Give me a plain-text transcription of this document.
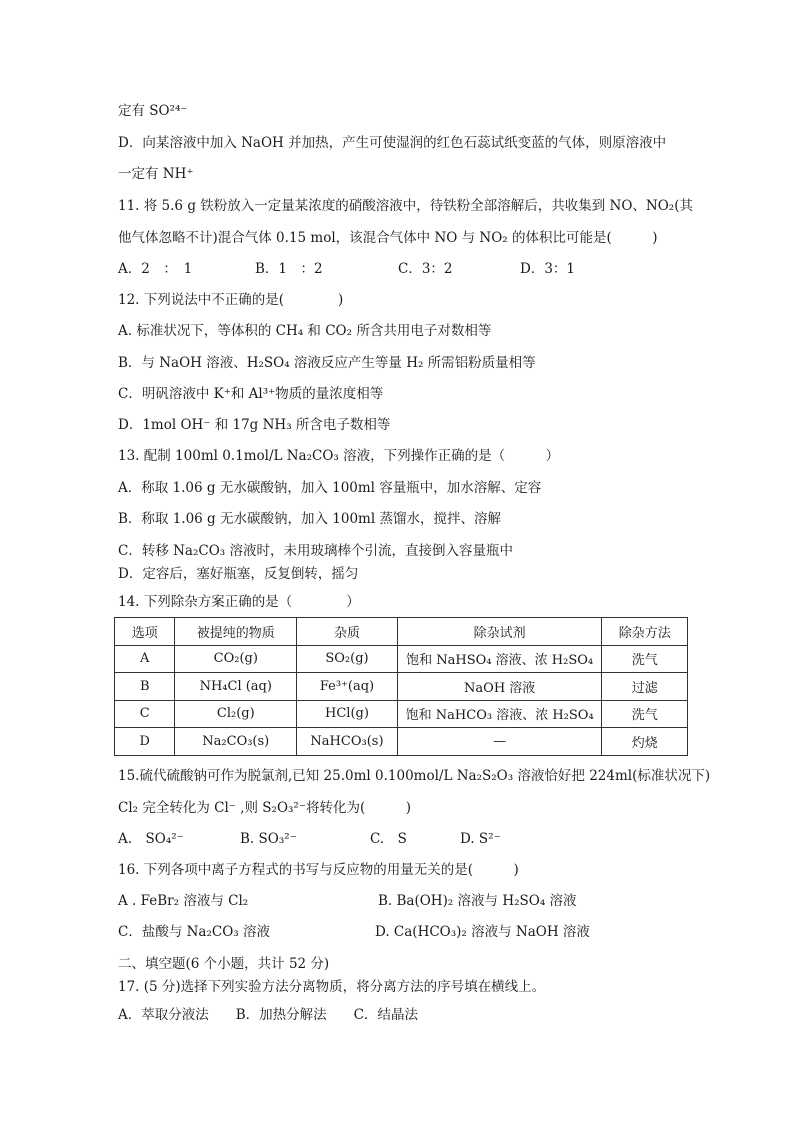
定有 SO²⁴⁻
D．向某溶液中加入 NaOH 并加热，产生可使湿润的红色石蕊试纸变蓝的气体，则原溶液中
一定有 NH⁺
11. 将 5.6 g 铁粉放入一定量某浓度的硝酸溶液中，待铁粉全部溶解后，共收集到 NO、NO₂(其
他气体忽略不计)混合气体 0.15 mol，该混合气体中 NO 与 NO₂ 的体积比可能是(　　　)
A．2　：　1	B．1　：2	C．3：2	D．3：1
12. 下列说法中不正确的是(　　　　)
A. 标准状况下，等体积的 CH₄ 和 CO₂ 所含共用电子对数相等
B．与 NaOH 溶液、H₂SO₄ 溶液反应产生等量 H₂ 所需铝粉质量相等
C．明矾溶液中 K⁺和 Al³⁺物质的量浓度相等
D．1mol OH⁻ 和 17g NH₃ 所含电子数相等
13. 配制 100ml 0.1mol/L Na₂CO₃ 溶液，下列操作正确的是（　　　）
A．称取 1.06 g 无水碳酸钠，加入 100ml 容量瓶中，加水溶解、定容
B．称取 1.06 g 无水碳酸钠，加入 100ml 蒸馏水，搅拌、溶解
C．转移 Na₂CO₃ 溶液时，未用玻璃棒个引流，直接倒入容量瓶中
D．定容后，塞好瓶塞，反复倒转，摇匀
14. 下列除杂方案正确的是（　　　　）
选项	被提纯的物质	杂质	除杂试剂	除杂方法
A	CO₂(g)	SO₂(g)	饱和 NaHSO₄ 溶液、浓 H₂SO₄	洗气
B	NH₄Cl (aq)	Fe³⁺(aq)	NaOH 溶液	过滤
C	Cl₂(g)	HCl(g)	饱和 NaHCO₃ 溶液、浓 H₂SO₄	洗气
D	Na₂CO₃(s)	NaHCO₃(s)	—	灼烧
15.硫代硫酸钠可作为脱氯剂,已知 25.0ml 0.100mol/L Na₂S₂O₃ 溶液恰好把 224ml(标准状况下)
Cl₂ 完全转化为 Cl⁻ ,则 S₂O₃²⁻将转化为(　　　)
A.　SO₄²⁻	B. SO₃²⁻	C.　S	D. S²⁻
16. 下列各项中离子方程式的书写与反应物的用量无关的是(　　　)
A . FeBr₂ 溶液与 Cl₂	B. Ba(OH)₂ 溶液与 H₂SO₄ 溶液
C．盐酸与 Na₂CO₃ 溶液	D. Ca(HCO₃)₂ 溶液与 NaOH 溶液
二、填空题(6 个小题，共计 52 分)
17. (5 分)选择下列实验方法分离物质，将分离方法的序号填在横线上。
A．萃取分液法　　B．加热分解法　　C．结晶法
